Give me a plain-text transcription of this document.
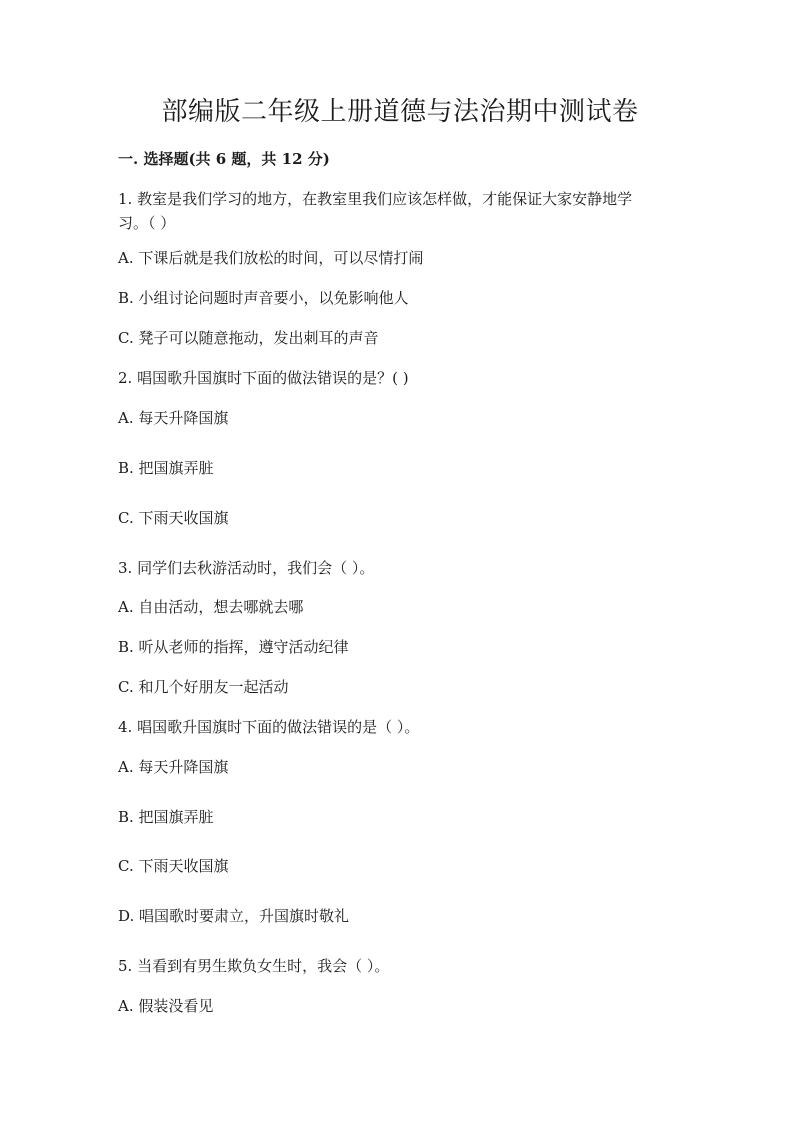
部编版二年级上册道德与法治期中测试卷
一. 选择题(共 6 题，共 12 分)
1. 教室是我们学习的地方，在教室里我们应该怎样做，才能保证大家安静地学
习。（ ）
A. 下课后就是我们放松的时间，可以尽情打闹
B. 小组讨论问题时声音要小，以免影响他人
C. 凳子可以随意拖动，发出刺耳的声音
2. 唱国歌升国旗时下面的做法错误的是？( )
A. 每天升降国旗
B. 把国旗弄脏
C. 下雨天收国旗
3. 同学们去秋游活动时，我们会（ ）。
A. 自由活动，想去哪就去哪
B. 听从老师的指挥，遵守活动纪律
C. 和几个好朋友一起活动
4. 唱国歌升国旗时下面的做法错误的是（ ）。
A. 每天升降国旗
B. 把国旗弄脏
C. 下雨天收国旗
D. 唱国歌时要肃立，升国旗时敬礼
5. 当看到有男生欺负女生时，我会（ ）。
A. 假装没看见
